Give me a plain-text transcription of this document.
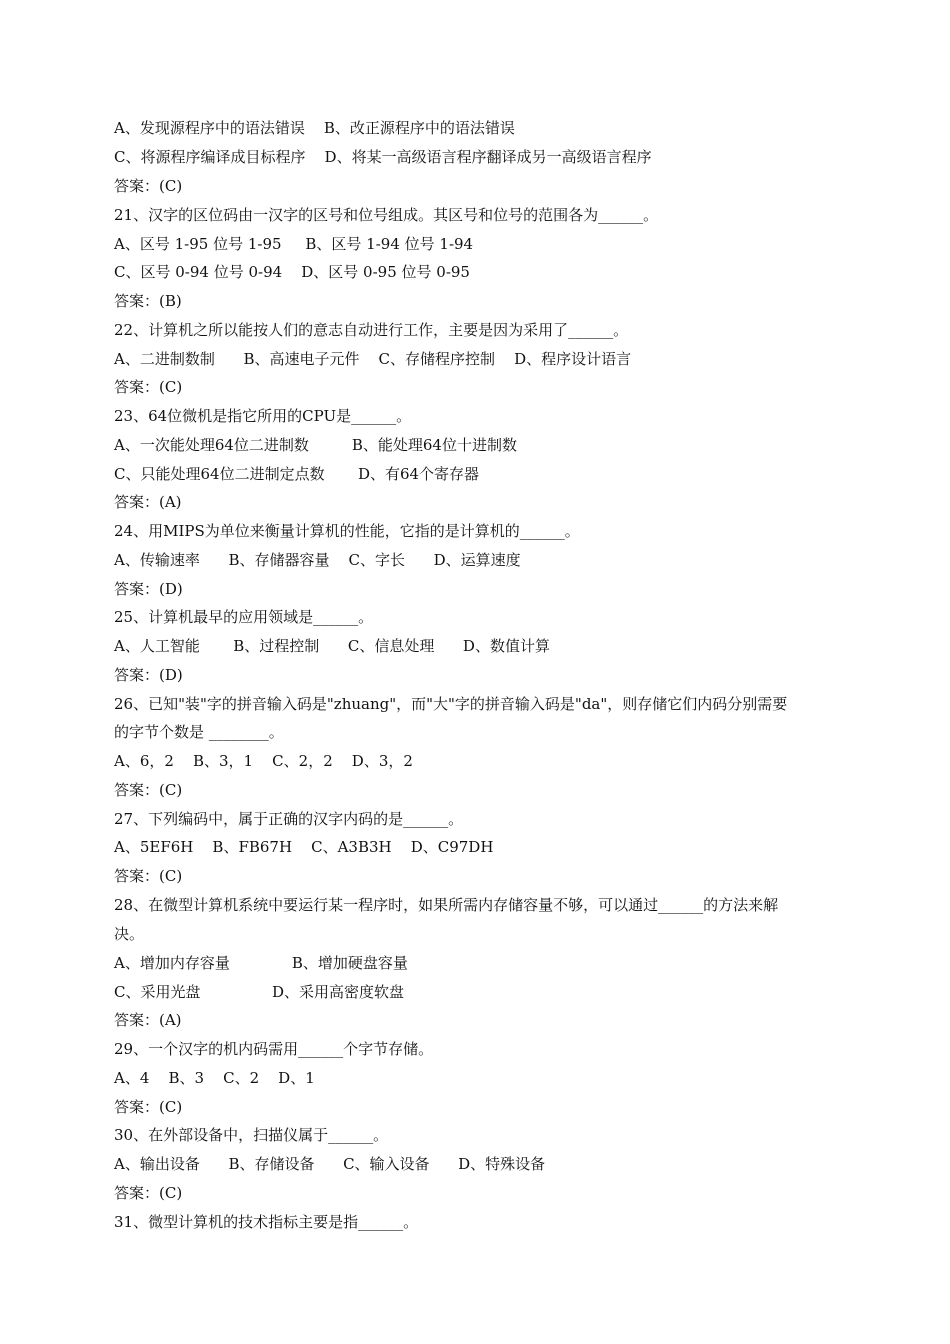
A、发现源程序中的语法错误    B、改正源程序中的语法错误
C、将源程序编译成目标程序    D、将某一高级语言程序翻译成另一高级语言程序
答案：(C)
21、汉字的区位码由一汉字的区号和位号组成。其区号和位号的范围各为______。
A、区号 1-95 位号 1-95     B、区号 1-94 位号 1-94
C、区号 0-94 位号 0-94    D、区号 0-95 位号 0-95
答案：(B)
22、计算机之所以能按人们的意志自动进行工作，主要是因为采用了______。
A、二进制数制      B、高速电子元件    C、存储程序控制    D、程序设计语言
答案：(C)
23、64位微机是指它所用的CPU是______。
A、一次能处理64位二进制数         B、能处理64位十进制数
C、只能处理64位二进制定点数       D、有64个寄存器
答案：(A)
24、用MIPS为单位来衡量计算机的性能，它指的是计算机的______。
A、传输速率      B、存储器容量    C、字长      D、运算速度
答案：(D)
25、计算机最早的应用领域是______。
A、人工智能       B、过程控制      C、信息处理      D、数值计算
答案：(D)
26、已知"装"字的拼音输入码是"zhuang"，而"大"字的拼音输入码是"da"，则存储它们内码分别需要
的字节个数是 ________。
A、6，2    B、3，1    C、2，2    D、3，2
答案：(C)
27、下列编码中，属于正确的汉字内码的是______。
A、5EF6H    B、FB67H    C、A3B3H    D、C97DH
答案：(C)
28、在微型计算机系统中要运行某一程序时，如果所需内存储容量不够，可以通过______的方法来解
决。
A、增加内存容量             B、增加硬盘容量
C、采用光盘               D、采用高密度软盘
答案：(A)
29、一个汉字的机内码需用______个字节存储。
A、4    B、3    C、2    D、1
答案：(C)
30、在外部设备中，扫描仪属于______。
A、输出设备      B、存储设备      C、输入设备      D、特殊设备
答案：(C)
31、微型计算机的技术指标主要是指______。
